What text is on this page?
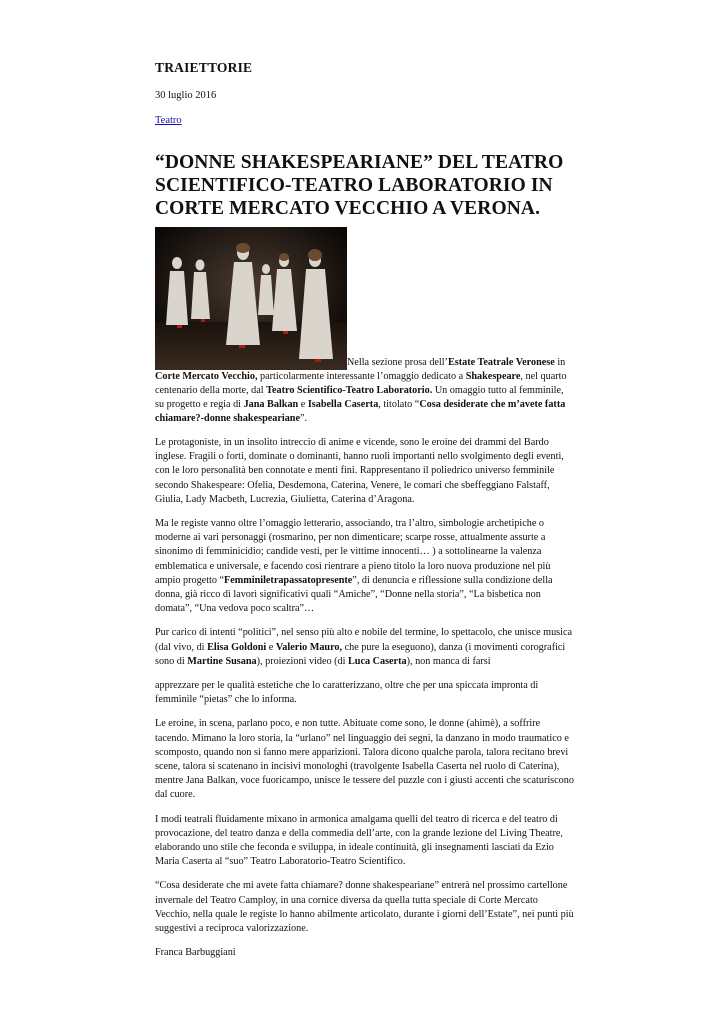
TRAIETTORIE
30 luglio 2016
Teatro
“DONNE SHAKESPEARIANE” DEL TEATRO SCIENTIFICO-TEATRO LABORATORIO IN CORTE MERCATO VECCHIO A VERONA.
Nella sezione prosa dell’Estate Teatrale Veronese in Corte Mercato Vecchio, particolarmente interessante l’omaggio dedicato a Shakespeare, nel quarto centenario della morte, dal Teatro Scientifico-Teatro Laboratorio. Un omaggio tutto al femminile, su progetto e regia di Jana Balkan e Isabella Caserta, titolato “Cosa desiderate che m’avete fatta chiamare?-donne shakespeariane”.

Le protagoniste, in un insolito intreccio di anime e vicende, sono le eroine dei drammi del Bardo inglese. Fragili o forti, dominate o dominanti, hanno ruoli importanti nello svolgimento degli eventi, con le loro personalità ben connotate e menti fini. Rappresentano il poliedrico universo femminile secondo Shakespeare: Ofelia, Desdemona, Caterina, Venere, le comari che sbeffeggiano Falstaff, Giulia, Lady Macbeth, Lucrezia, Giulietta, Caterina d’Aragona.

Ma le registe vanno oltre l’omaggio letterario, associando, tra l’altro, simbologie archetipiche o moderne ai vari personaggi (rosmarino, per non dimenticare; scarpe rosse, attualmente assurte a sinonimo di femminicidio; candide vesti, per le vittime innocenti… ) a sottolinearne la valenza emblematica e universale, e facendo così rientrare a pieno titolo la loro nuova produzione nel più ampio progetto “Femminiletrapassatopresente”, di denuncia e riflessione sulla condizione della donna, già ricco di lavori significativi quali “Amiche”, “Donne nella storia”, “La bisbetica non domata”, “Una vedova poco scaltra”…

Pur carico di intenti “politici”, nel senso più alto e nobile del termine, lo spettacolo, che unisce musica (dal vivo, di Elisa Goldoni e Valerio Mauro, che pure la eseguono), danza (i movimenti corografici sono di Martine Susana), proiezioni video (di Luca Caserta), non manca di farsi

apprezzare per le qualità estetiche che lo caratterizzano, oltre che per una spiccata impronta di femminile “pietas” che lo informa.

Le eroine, in scena, parlano poco, e non tutte. Abituate come sono, le donne (ahimè), a soffrire tacendo. Mimano la loro storia, la “urlano” nel linguaggio dei segni, la danzano in modo traumatico e scomposto, quando non si fanno mere apparizioni. Talora dicono qualche parola, talora recitano brevi scene, talora si scatenano in incisivi monologhi (travolgente Isabella Caserta nel ruolo di Caterina), mentre Jana Balkan, voce fuoricampo, unisce le tessere del puzzle con i giusti accenti che scaturiscono dal cuore.

I modi teatrali fluidamente mixano in armonica amalgama quelli del teatro di ricerca e del teatro di provocazione, del teatro danza e della commedia dell’arte, con la grande lezione del Living Theatre, elaborando uno stile che feconda e sviluppa, in ideale continuità, gli insegnamenti lasciati da Ezio Maria Caserta al “suo” Teatro Laboratorio-Teatro Scientifico.

“Cosa desiderate che mi avete fatta chiamare? donne shakespeariane” entrerà nel prossimo cartellone invernale del Teatro Camploy, in una cornice diversa da quella tutta speciale di Corte Mercato Vecchio, nella quale le registe lo hanno abilmente articolato, durante i giorni dell’Estate”, nei punti più suggestivi a reciproca valorizzazione.

Franca Barbuggiani
